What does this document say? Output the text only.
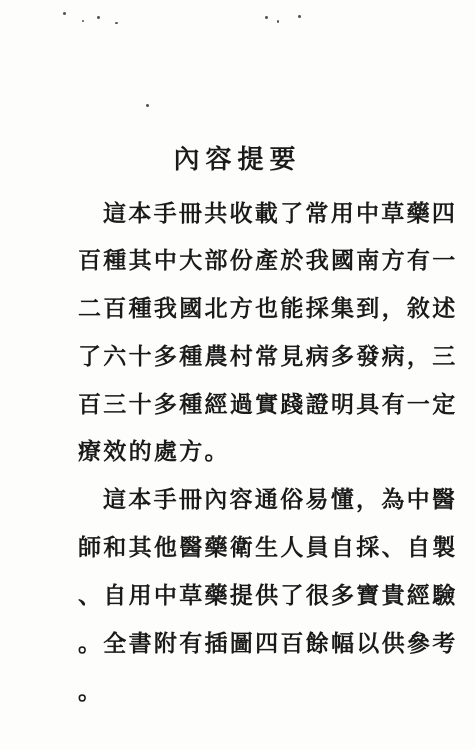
內容提要
這本手冊共收載了常用中草藥四
百種其中大部份產於我國南方有一
二百種我國北方也能採集到，敘述
了六十多種農村常見病多發病，三
百三十多種經過實踐證明具有一定
療效的處方。
這本手冊內容通俗易懂，為中醫
師和其他醫藥衛生人員自採、自製
、自用中草藥提供了很多寶貴經驗
。全書附有插圖四百餘幅以供參考
。
